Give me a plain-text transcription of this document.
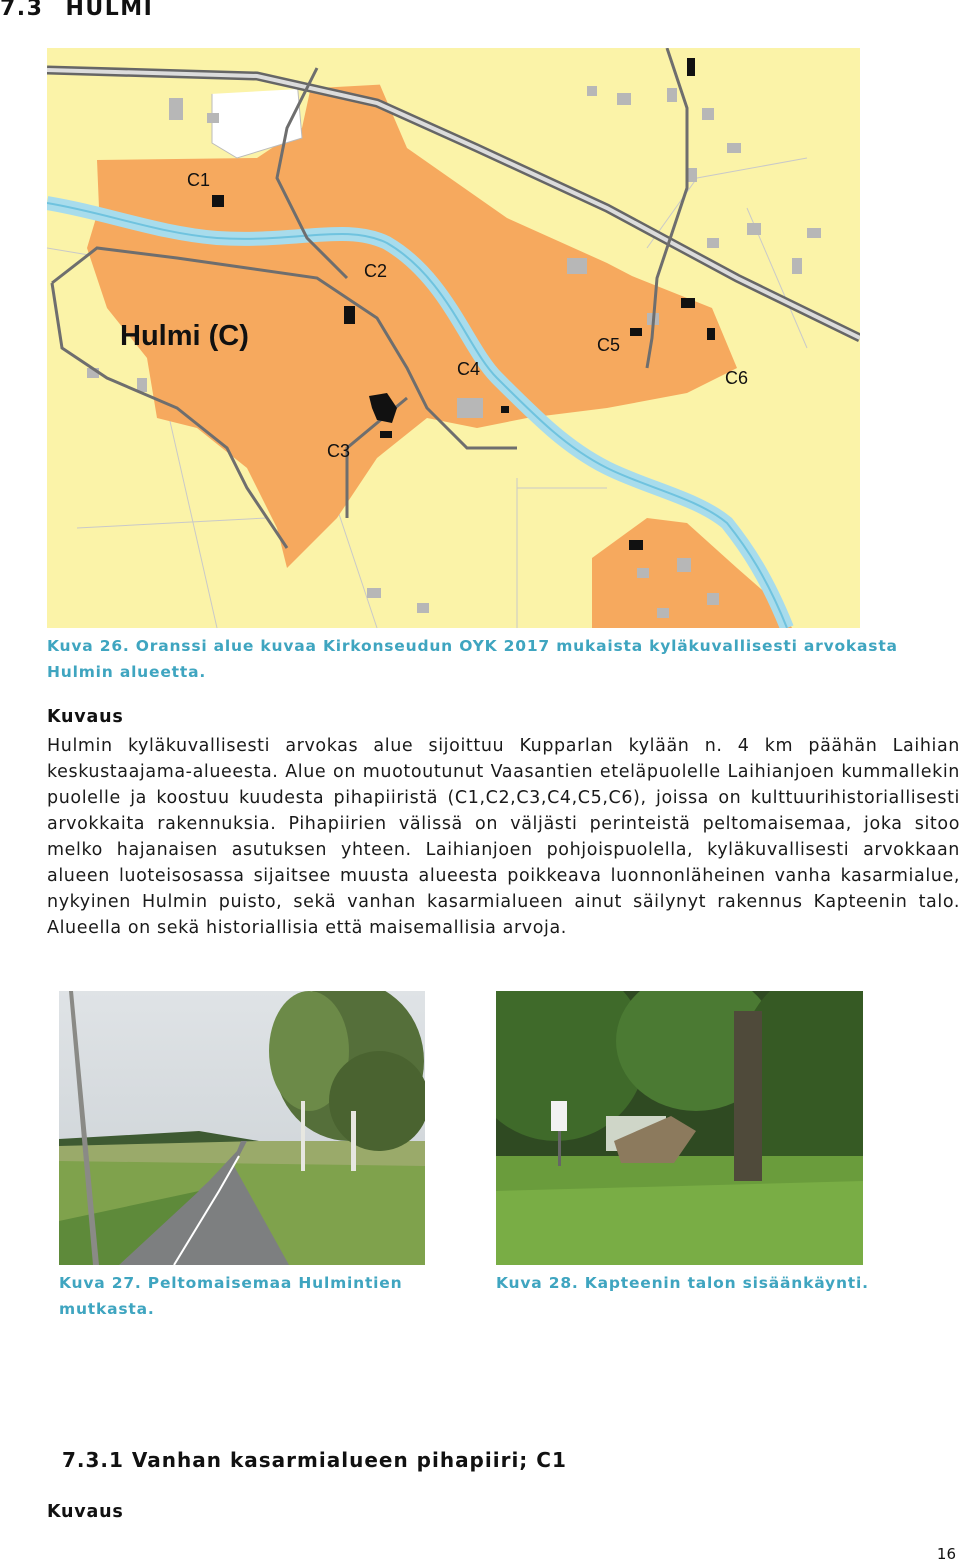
7.3 HULMI
Hulmi (C)
C1
C2
C3
C4
C5
C6
Kuva 26. Oranssi alue kuvaa Kirkonseudun OYK 2017 mukaista kyläkuvallisesti arvokasta Hulmin alueetta.
Kuvaus
Hulmin kyläkuvallisesti arvokas alue sijoittuu Kupparlan kylään n. 4 km päähän Laihian keskustaajama-alueesta. Alue on muotoutunut Vaasantien eteläpuolelle Laihianjoen kummallekin puolelle ja koostuu kuudesta pihapiiristä (C1,C2,C3,C4,C5,C6), joissa on kulttuurihistoriallisesti arvokkaita rakennuksia. Pihapiirien välissä on väljästi perinteistä peltomaisemaa, joka sitoo melko hajanaisen asutuksen yhteen. Laihianjoen pohjoispuolella, kyläkuvallisesti arvokkaan alueen luoteisosassa sijaitsee muusta alueesta poikkeava luonnonläheinen vanha kasarmialue, nykyinen Hulmin puisto, sekä vanhan kasarmialueen ainut säilynyt rakennus Kapteenin talo. Alueella on sekä historiallisia että maisemallisia arvoja.
Kuva 27. Peltomaisemaa Hulmintien mutkasta.
Kuva 28. Kapteenin talon sisäänkäynti.
7.3.1 Vanhan kasarmialueen pihapiiri; C1
Kuvaus
16
